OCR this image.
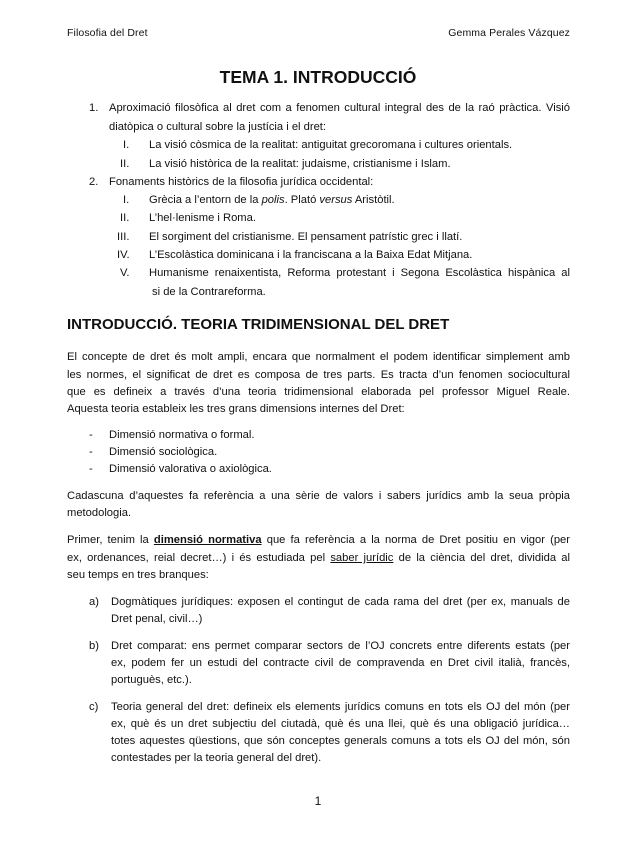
Filosofia del Dret	Gemma Perales Vázquez
TEMA 1. INTRODUCCIÓ
1. Aproximació filosòfica al dret com a fenomen cultural integral des de la raó pràctica. Visió
diatòpica o cultural sobre la justícia i el dret:
I. La visió còsmica de la realitat: antiguitat grecoromana i cultures orientals.
II. La visió històrica de la realitat: judaisme, cristianisme i Islam.
2. Fonaments històrics de la filosofia jurídica occidental:
I. Grècia a l’entorn de la polis. Plató versus Aristòtil.
II. L’hel·lenisme i Roma.
III. El sorgiment del cristianisme. El pensament patrístic grec i llatí.
IV. L’Escolàstica dominicana i la franciscana a la Baixa Edat Mitjana.
V. Humanisme renaixentista, Reforma protestant i Segona Escolàstica hispànica al
si de la Contrareforma.
INTRODUCCIÓ. TEORIA TRIDIMENSIONAL DEL DRET
El concepte de dret és molt ampli, encara que normalment el podem identificar simplement amb
les normes, el significat de dret es composa de tres parts. Es tracta d’un fenomen sociocultural
que es defineix a través d’una teoria tridimensional elaborada pel professor Miguel Reale.
Aquesta teoria estableix les tres grans dimensions internes del Dret:
- Dimensió normativa o formal.
- Dimensió sociològica.
- Dimensió valorativa o axiològica.
Cadascuna d’aquestes fa referència a una sèrie de valors i sabers jurídics amb la seua pròpia
metodologia.
Primer, tenim la dimensió normativa que fa referència a la norma de Dret positiu en vigor (per
ex, ordenances, reial decret…) i és estudiada pel saber jurídic de la ciència del dret, dividida al
seu temps en tres branques:
a) Dogmàtiques jurídiques: exposen el contingut de cada rama del dret (per ex, manuals de
Dret penal, civil…)
b) Dret comparat: ens permet comparar sectors de l’OJ concrets entre diferents estats (per
ex, podem fer un estudi del contracte civil de compravenda en Dret civil italià, francès,
portuguès, etc.).
c) Teoria general del dret: defineix els elements jurídics comuns en tots els OJ del món (per
ex, què és un dret subjectiu del ciutadà, què és una llei, què és una obligació jurídica…
totes aquestes qüestions, que són conceptes generals comuns a tots els OJ del món, són
contestades per la teoria general del dret).
1
